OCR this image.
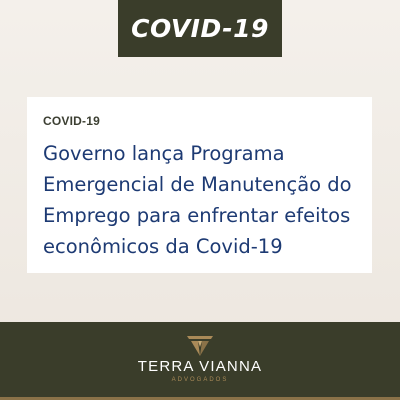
COVID-19
COVID-19

Governo lança Programa
Emergencial de Manutenção do
Emprego para enfrentar efeitos
econômicos da Covid-19

TERRA VIANNA
ADVOGADOS
